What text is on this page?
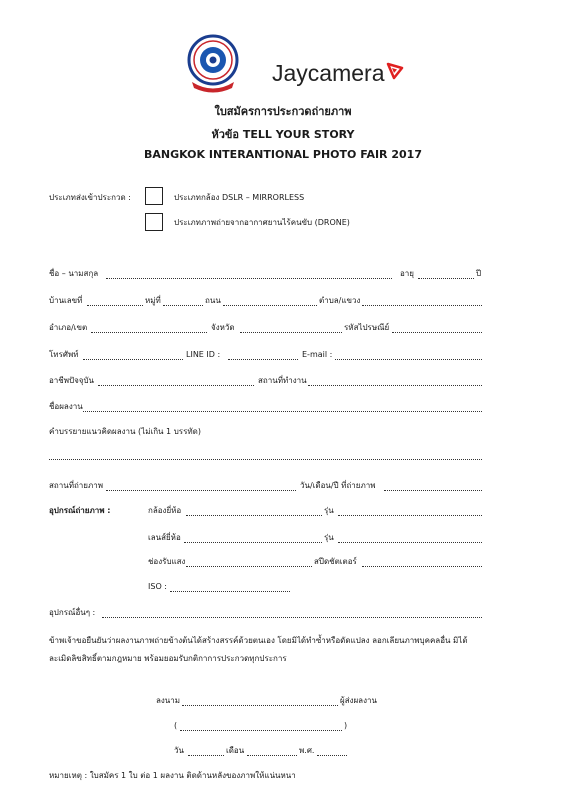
Jaycamera
ใบสมัครการประกวดถ่ายภาพ
หัวข้อ TELL YOUR STORY
BANGKOK INTERANTIONAL PHOTO FAIR 2017
ประเภทส่งเข้าประกวด :	ประเภทกล้อง DSLR – MIRRORLESS
ประเภทภาพถ่ายจากอากาศยานไร้คนขับ (DRONE)
ชื่อ – นามสกุล	อายุ	ปี
บ้านเลขที่	หมู่ที่	ถนน	ตำบล/แขวง
อำเภอ/เขต	จังหวัด	รหัสไปรษณีย์
โทรศัพท์	LINE ID :	E-mail :
อาชีพปัจจุบัน	สถานที่ทำงาน
ชื่อผลงาน
คำบรรยายแนวคิดผลงาน (ไม่เกิน 1 บรรทัด)
สถานที่ถ่ายภาพ	วัน/เดือน/ปี ที่ถ่ายภาพ
อุปกรณ์ถ่ายภาพ :	กล้องยี่ห้อ	รุ่น
เลนส์ยี่ห้อ	รุ่น
ช่องรับแสง	สปีดชัตเตอร์
ISO :
อุปกรณ์อื่นๆ :
ข้าพเจ้าขอยืนยันว่าผลงานภาพถ่ายข้างต้นได้สร้างสรรค์ด้วยตนเอง โดยมิได้ทำซ้ำหรือดัดแปลง ลอกเลียนภาพบุคคลอื่น มิได้
ละเมิดลิขสิทธิ์ตามกฎหมาย พร้อมยอมรับกติกาการประกวดทุกประการ
ลงนาม	ผู้ส่งผลงาน
(	)
วัน	เดือน	พ.ศ.
หมายเหตุ : ใบสมัคร 1 ใบ ต่อ 1 ผลงาน ติดด้านหลังของภาพให้แน่นหนา
